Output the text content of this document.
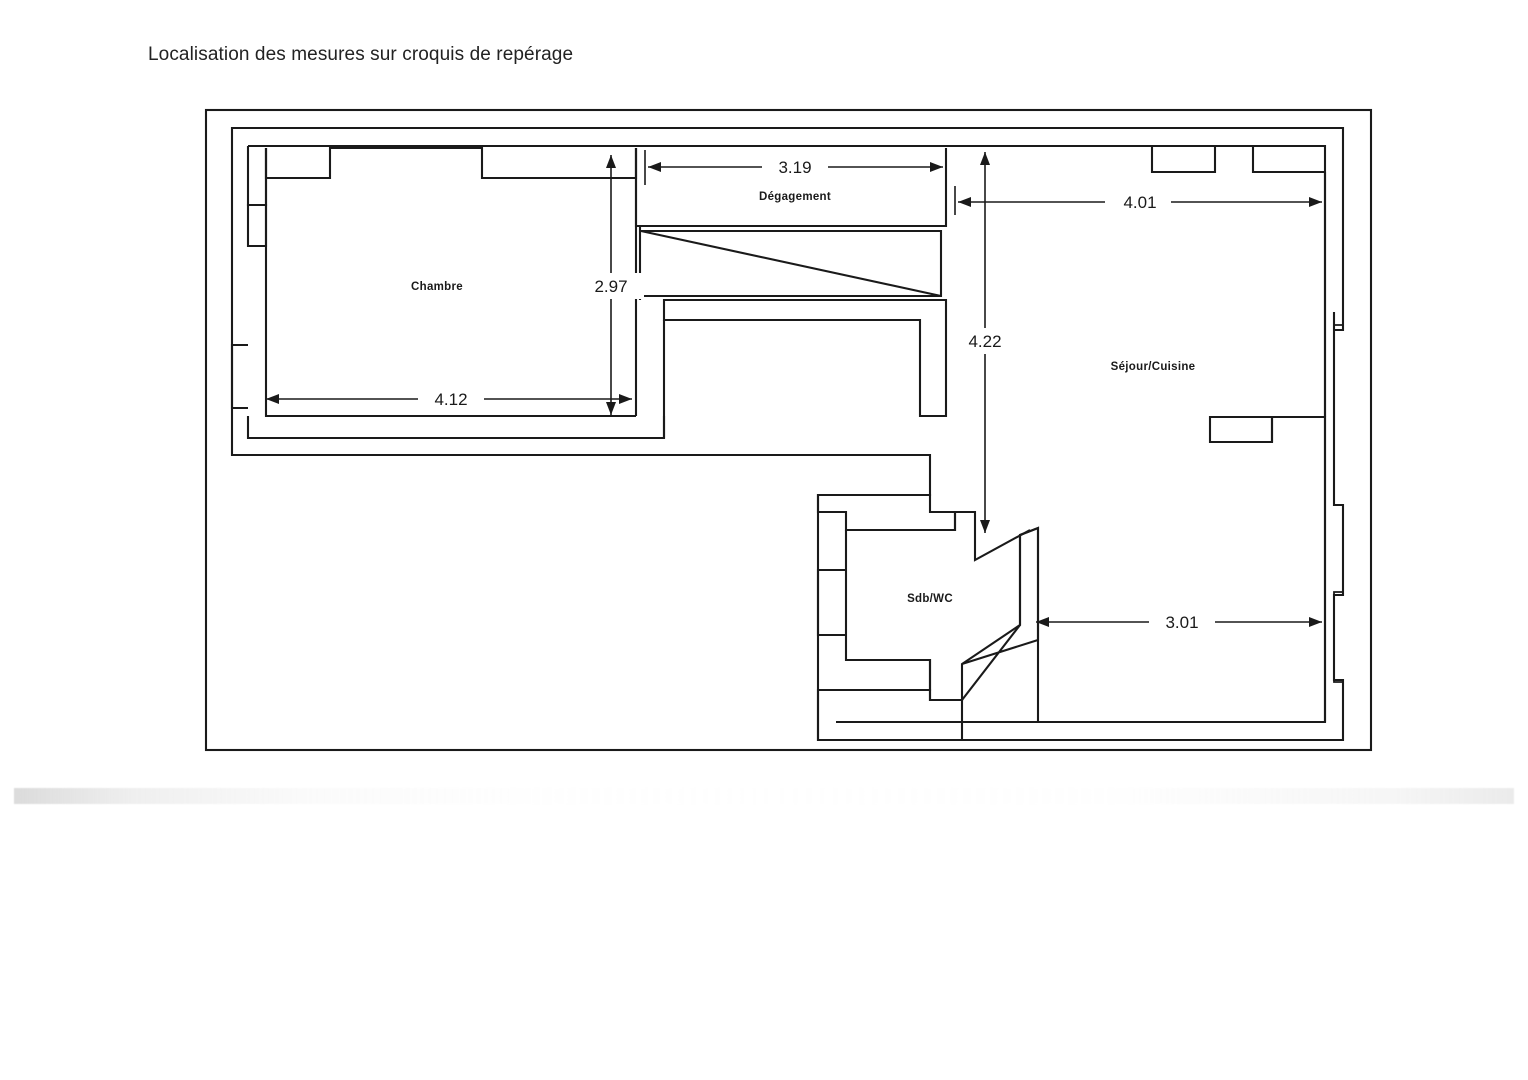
Localisation des mesures sur croquis de repérage
3.19
4.01
2.97
4.22
4.12
3.01
Chambre
Dégagement
Séjour/Cuisine
Sdb/WC
